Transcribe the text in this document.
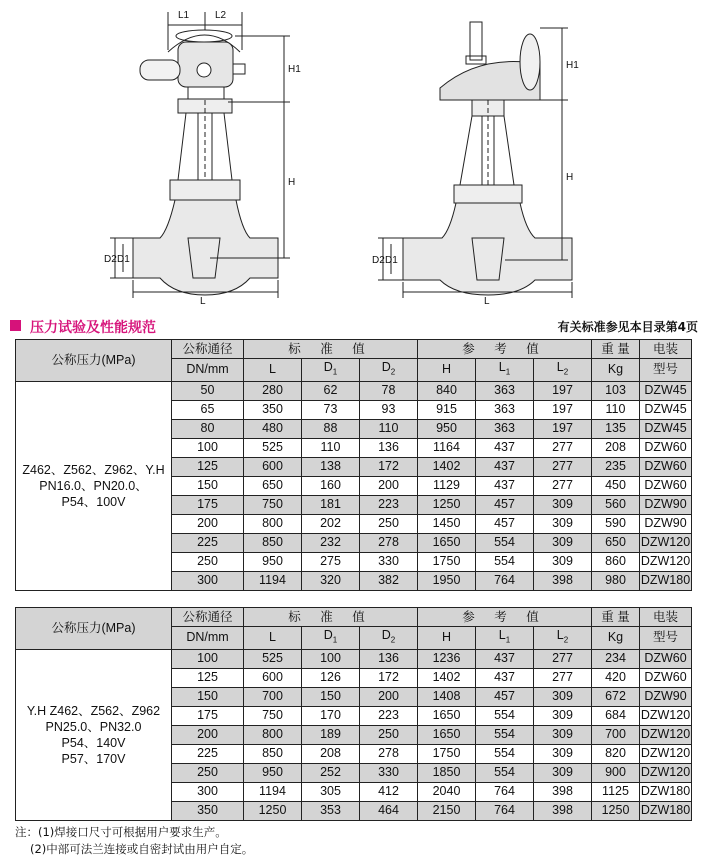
L1	L2
H1
H
D2 D1
L
H1
H
D2 D1
L
压力试验及性能规范	有关标准参见本目录第4页
公称压力(MPa)	公称通径	标 准 值			参 考 值			重 量	电装
	DN/mm	L	$D_1$	$D_2$	H	$L_1$	$L_2$	Kg	型号

Z462、Z562、Z962、Y.H
PN16.0、PN20.0、
P54、100V	50	280	62	78	840	363	197	103	DZW45
	65	350	73	93	915	363	197	110	DZW45
	80	480	88	110	950	363	197	135	DZW45
	100	525	110	136	1164	437	277	208	DZW60
	125	600	138	172	1402	437	277	235	DZW60
	150	650	160	200	1129	437	277	450	DZW60
	175	750	181	223	1250	457	309	560	DZW90
	200	800	202	250	1450	457	309	590	DZW90
	225	850	232	278	1650	554	309	650	DZW120
	250	950	275	330	1750	554	309	860	DZW120
	300	1194	320	382	1950	764	398	980	DZW180
公称压力(MPa)	公称通径	标 准 值			参 考 值			重 量	电装
	DN/mm	L	$D_1$	$D_2$	H	$L_1$	$L_2$	Kg	型号

Y.H Z462、Z562、Z962
PN25.0、PN32.0
P54、140V
P57、170V	100	525	100	136	1236	437	277	234	DZW60
	125	600	126	172	1402	437	277	420	DZW60
	150	700	150	200	1408	457	309	672	DZW90
	175	750	170	223	1650	554	309	684	DZW120
	200	800	189	250	1650	554	309	700	DZW120
	225	850	208	278	1750	554	309	820	DZW120
	250	950	252	330	1850	554	309	900	DZW120
	300	1194	305	412	2040	764	398	1125	DZW180
	350	1250	353	464	2150	764	398	1250	DZW180
注：(1)焊接口尺寸可根据用户要求生产。
(2)中部可法兰连接或自密封试由用户自定。
